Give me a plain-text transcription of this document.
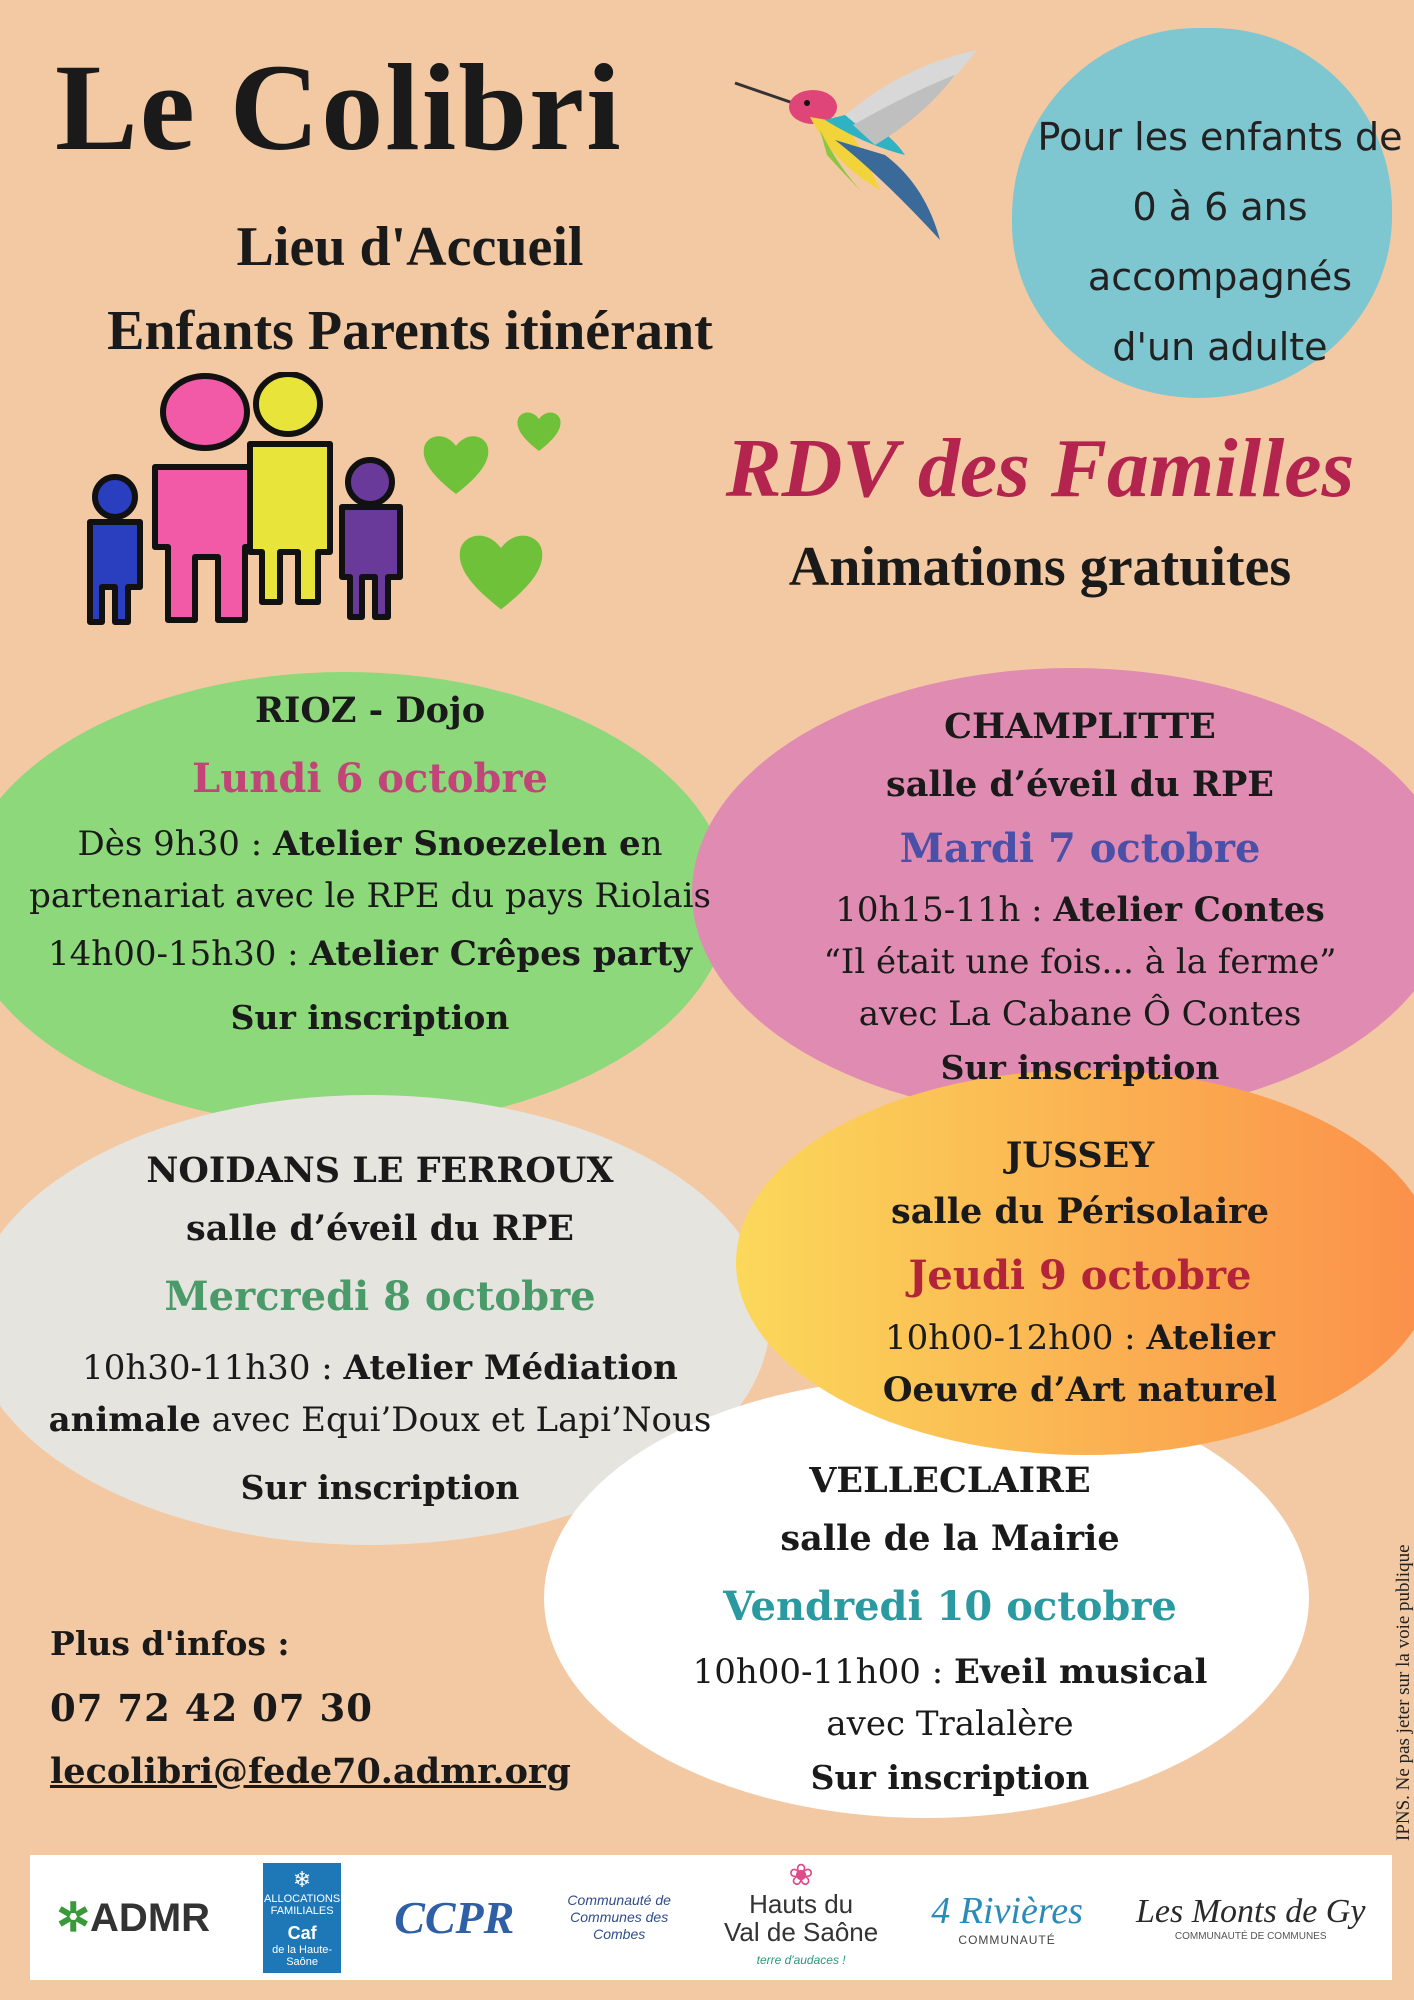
Le Colibri
Lieu d'Accueil
Enfants Parents itinérant
Pour les enfants de
0 à 6 ans
accompagnés
d'un adulte
RDV des Familles
Animations gratuites
RIOZ - Dojo
Lundi 6 octobre
Dès 9h30 : Atelier Snoezelen en
partenariat avec le RPE du pays Riolais
14h00-15h30 : Atelier Crêpes party
Sur inscription
CHAMPLITTE
salle d’éveil du RPE
Mardi 7 octobre
10h15-11h : Atelier Contes
“Il était une fois... à la ferme”
avec La Cabane Ô Contes
Sur inscription
NOIDANS LE FERROUX
salle d’éveil du RPE
Mercredi 8 octobre
10h30-11h30 : Atelier Médiation
animale avec Equi’Doux et Lapi’Nous
Sur inscription
JUSSEY
salle du Périsolaire
Jeudi 9 octobre
10h00-12h00 : Atelier
Oeuvre d’Art naturel
VELLECLAIRE
salle de la Mairie
Vendredi 10 octobre
10h00-11h00 : Eveil musical
avec Tralalère
Sur inscription
Plus d'infos :
07 72 42 07 30
lecolibri@fede70.admr.org	IPNS. Ne pas jeter sur la voie publique
✲ADMR
❄
ALLOCATIONS FAMILIALES
Caf
de la Haute-Saône
CCPR	Communauté de
Communes des
Combes
❀
Hauts du
Val de Saône
terre d'audaces !
4 Rivières
COMMUNAUTÉ
Les Monts de Gy
COMMUNAUTÉ DE COMMUNES
